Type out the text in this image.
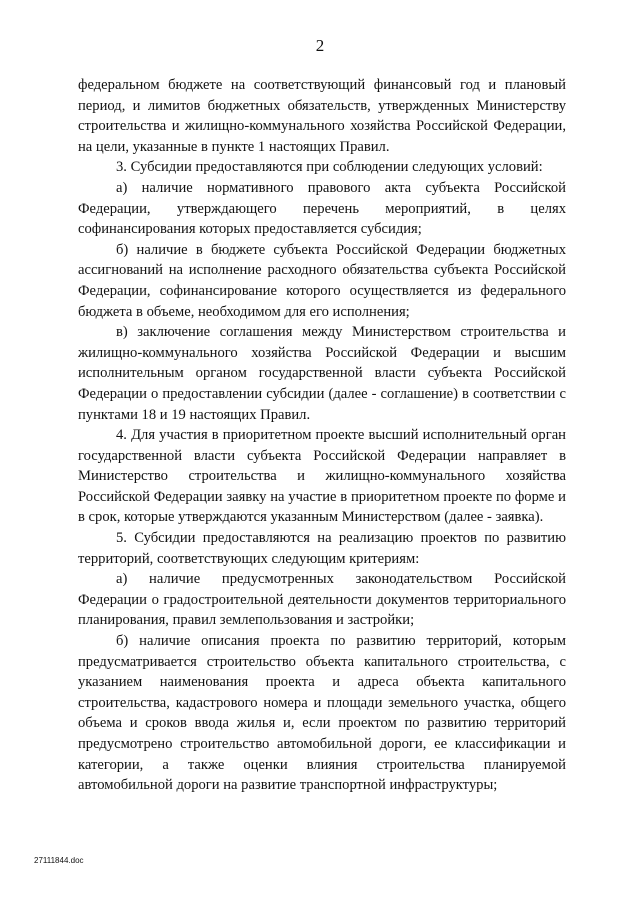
2

федеральном бюджете на соответствующий финансовый год и плановый период, и лимитов бюджетных обязательств, утвержденных Министерству строительства и жилищно-коммунального хозяйства Российской Федерации, на цели, указанные в пункте 1 настоящих Правил.

3. Субсидии предоставляются при соблюдении следующих условий:

а) наличие нормативного правового акта субъекта Российской Федерации, утверждающего перечень мероприятий, в целях софинансирования которых предоставляется субсидия;

б) наличие в бюджете субъекта Российской Федерации бюджетных ассигнований на исполнение расходного обязательства субъекта Российской Федерации, софинансирование которого осуществляется из федерального бюджета в объеме, необходимом для его исполнения;

в) заключение соглашения между Министерством строительства и жилищно-коммунального хозяйства Российской Федерации и высшим исполнительным органом государственной власти субъекта Российской Федерации о предоставлении субсидии (далее - соглашение) в соответствии с пунктами 18 и 19 настоящих Правил.

4. Для участия в приоритетном проекте высший исполнительный орган государственной власти субъекта Российской Федерации направляет в Министерство строительства и жилищно-коммунального хозяйства Российской Федерации заявку на участие в приоритетном проекте по форме и в срок, которые утверждаются указанным Министерством (далее - заявка).

5. Субсидии предоставляются на реализацию проектов по развитию территорий, соответствующих следующим критериям:

а) наличие предусмотренных законодательством Российской Федерации о градостроительной деятельности документов территориального планирования, правил землепользования и застройки;

б) наличие описания проекта по развитию территорий, которым предусматривается строительство объекта капитального строительства, с указанием наименования проекта и адреса объекта капитального строительства, кадастрового номера и площади земельного участка, общего объема и сроков ввода жилья и, если проектом по развитию территорий предусмотрено строительство автомобильной дороги, ее классификации и категории, а также оценки влияния строительства планируемой автомобильной дороги на развитие транспортной инфраструктуры;

27111844.doc
